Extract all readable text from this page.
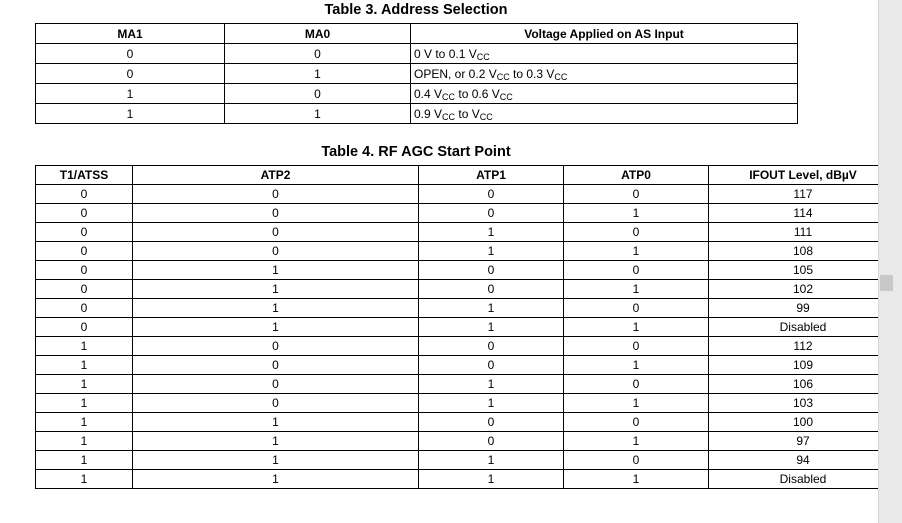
Table 3. Address Selection
MA1	MA0	Voltage Applied on AS Input
0	0	0 V to 0.1 $V_{CC}$
0	1	OPEN, or 0.2 $V_{CC}$ to 0.3 $V_{CC}$
1	0	0.4 $V_{CC}$ to 0.6 $V_{CC}$
1	1	0.9 $V_{CC}$ to $V_{CC}$
Table 4. RF AGC Start Point
T1/ATSS	ATP2	ATP1	ATP0	IFOUT Level, dBµV
0	0	0	0	117
0	0	0	1	114
0	0	1	0	111
0	0	1	1	108
0	1	0	0	105
0	1	0	1	102
0	1	1	0	99
0	1	1	1	Disabled
1	0	0	0	112
1	0	0	1	109
1	0	1	0	106
1	0	1	1	103
1	1	0	0	100
1	1	0	1	97
1	1	1	0	94
1	1	1	1	Disabled
